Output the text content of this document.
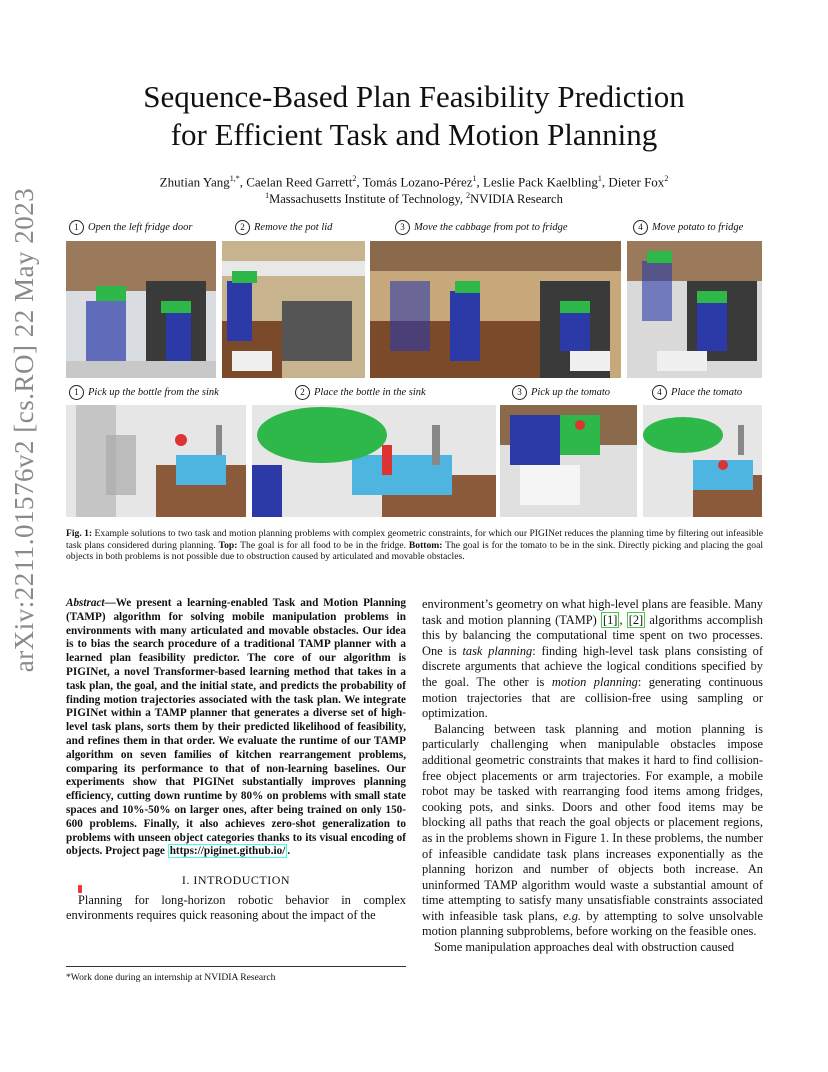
arXiv:2211.01576v2 [cs.RO] 22 May 2023
Sequence-Based Plan Feasibility Prediction
for Efficient Task and Motion Planning
Zhutian Yang$^{1,*}$, Caelan Reed Garrett$^2$, Tomás Lozano-Pérez$^1$, Leslie Pack Kaelbling$^1$, Dieter Fox$^2$
$^1$Massachusetts Institute of Technology, $^2$NVIDIA Research
1 Open the left fridge door	2 Remove the pot lid	3 Move the cabbage from pot to fridge	4 Move potato to fridge
1 Pick up the bottle from the sink	2 Place the bottle in the sink	3 Pick up the tomato	4 Place the tomato
Fig. 1: Example solutions to two task and motion planning problems with complex geometric constraints, for which our PIGINet reduces the planning time by filtering out infeasible task plans considered during planning. Top: The goal is for all food to be in the fridge. Bottom: The goal is for the tomato to be in the sink. Directly picking and placing the goal objects in both problems is not possible due to obstruction caused by articulated and movable obstacles.
Abstract—We present a learning-enabled Task and Motion Planning (TAMP) algorithm for solving mobile manipulation problems in environments with many articulated and movable obstacles. Our idea is to bias the search procedure of a traditional TAMP planner with a learned plan feasibility predictor. The core of our algorithm is PIGINet, a novel Transformer-based learning method that takes in a task plan, the goal, and the initial state, and predicts the probability of finding motion trajectories associated with the task plan. We integrate PIGINet within a TAMP planner that generates a diverse set of high-level task plans, sorts them by their predicted likelihood of feasibility, and refines them in that order. We evaluate the runtime of our TAMP algorithm on seven families of kitchen rearrangement problems, comparing its performance to that of non-learning baselines. Our experiments show that PIGINet substantially improves planning efficiency, cutting down runtime by 80% on problems with small state spaces and 10%-50% on larger ones, after being trained on only 150-600 problems. Finally, it also achieves zero-shot generalization to problems with unseen object categories thanks to its visual encoding of objects. Project page https://piginet.github.io/ .
I. INTRODUCTION

Planning for long-horizon robotic behavior in complex environments requires quick reasoning about the impact of the

*Work done during an internship at NVIDIA Research

environment’s geometry on what high-level plans are feasible. Many task and motion planning (TAMP) [1] , [2] algorithms accomplish this by balancing the computational time spent on two processes. One is task planning: finding high-level task plans consisting of discrete arguments that achieve the logical conditions specified by the goal. The other is motion planning: generating continuous motion trajectories that are collision-free using sampling or optimization.

Balancing between task planning and motion planning is particularly challenging when manipulable obstacles impose additional geometric constraints that makes it hard to find collision-free object placements or arm trajectories. For example, a mobile robot may be tasked with rearranging food items among fridges, cooking pots, and sinks. Doors and other food items may be blocking all paths that reach the goal objects or placement regions, as in the problems shown in Figure 1. In these problems, the number of infeasible candidate task plans increases exponentially as the planning horizon and number of objects both increase. An uninformed TAMP algorithm would waste a substantial amount of time attempting to satisfy many unsatisfiable constraints associated with infeasible task plans, e.g. by attempting to solve unsolvable motion planning subproblems, before working on the feasible ones.

Some manipulation approaches deal with obstruction caused
